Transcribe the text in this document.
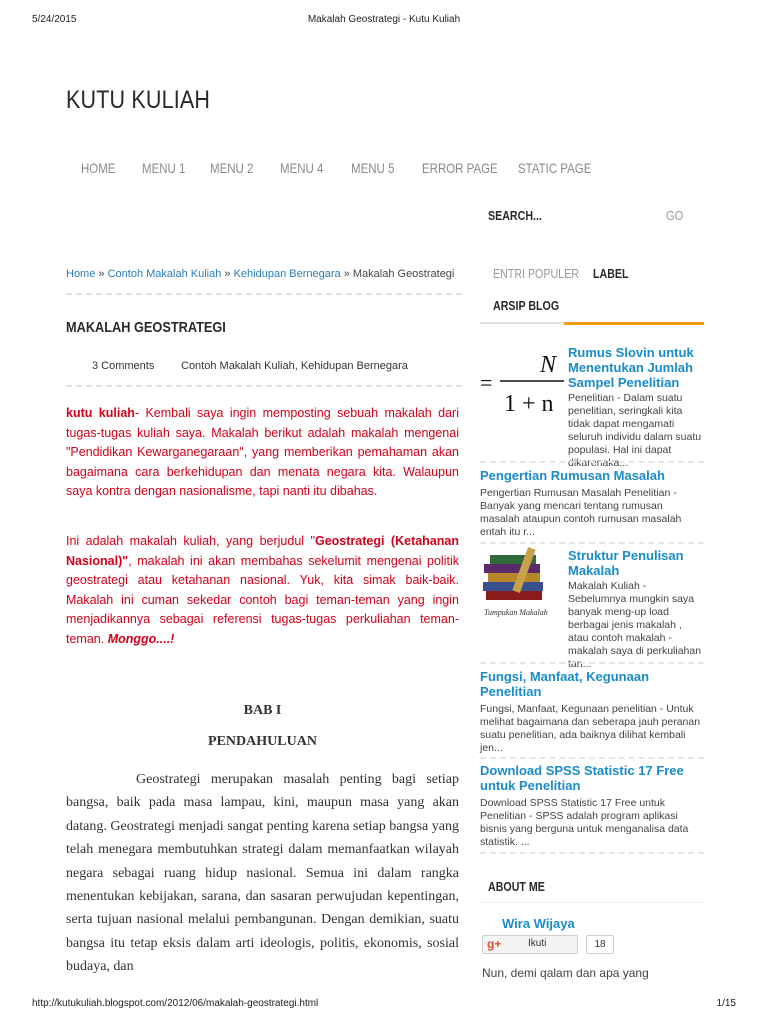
5/24/2015	Makalah Geostrategi - Kutu Kuliah
KUTU KULIAH
HOME MENU 1 MENU 2 MENU 4 MENU 5 ERROR PAGE STATIC PAGE
SEARCH...	GO
Home » Contoh Makalah Kuliah » Kehidupan Bernegara » Makalah Geostrategi
MAKALAH GEOSTRATEGI
3 Comments Contoh Makalah Kuliah, Kehidupan Bernegara

kutu kuliah- Kembali saya ingin memposting sebuah makalah dari tugas-tugas kuliah saya. Makalah berikut adalah makalah mengenai "Pendidikan Kewarganegaraan", yang memberikan pemahaman akan bagaimana cara berkehidupan dan menata negara kita. Walaupun saya kontra dengan nasionalisme, tapi nanti itu dibahas.

Ini adalah makalah kuliah, yang berjudul "Geostrategi (Ketahanan Nasional)", makalah ini akan membahas sekelumit mengenai politik geostrategi atau ketahanan nasional. Yuk, kita simak baik-baik. Makalah ini cuman sekedar contoh bagi teman-teman yang ingin menjadikannya sebagai referensi tugas-tugas perkuliahan teman-teman. Monggo....!

BAB I
PENDAHULUAN

Geostrategi merupakan masalah penting bagi setiap bangsa, baik pada masa lampau, kini, maupun masa yang akan datang. Geostrategi menjadi sangat penting karena setiap bangsa yang telah menegara membutuhkan strategi dalam memanfaatkan wilayah negara sebagai ruang hidup nasional. Semua ini dalam rangka menentukan kebijakan, sarana, dan sasaran perwujudan kepentingan, serta tujuan nasional melalui pembangunan. Dengan demikian, suatu bangsa itu tetap eksis dalam arti ideologis, politis, ekonomis, sosial budaya, dan

ENTRI POPULER LABEL
ARSIP BLOG
=
N
1 + n
Rumus Slovin untuk Menentukan Jumlah Sampel Penelitian
Penelitian - Dalam suatu penelitian, seringkali kita tidak dapat mengamati seluruh individu dalam suatu populasi. Hal ini dapat dikarenaka...
Pengertian Rumusan Masalah
Pengertian Rumusan Masalah Penelitian - Banyak yang mencari tentang rumusan masalah ataupun contoh rumusan masalah entah itu r...
Tumpukan Makalah
Struktur Penulisan Makalah
Makalah Kuliah - Sebelumnya mungkin saya banyak meng-up load berbagai jenis makalah , atau contoh makalah -makalah saya di perkuliahan tan...
Fungsi, Manfaat, Kegunaan Penelitian
Fungsi, Manfaat, Kegunaan penelitian - Untuk melihat bagaimana dan seberapa jauh peranan suatu penelitian, ada baiknya dilihat kembali jen...
Download SPSS Statistic 17 Free untuk Penelitian
Download SPSS Statistic 17 Free untuk Penelitian - SPSS adalah program aplikasi bisnis yang berguna untuk menganalisa data statistik. ...
ABOUT ME
Wira Wijaya
g+	Ikuti	18
Nun, demi qalam dan apa yang
http://kutukuliah.blogspot.com/2012/06/makalah-geostrategi.html	1/15
